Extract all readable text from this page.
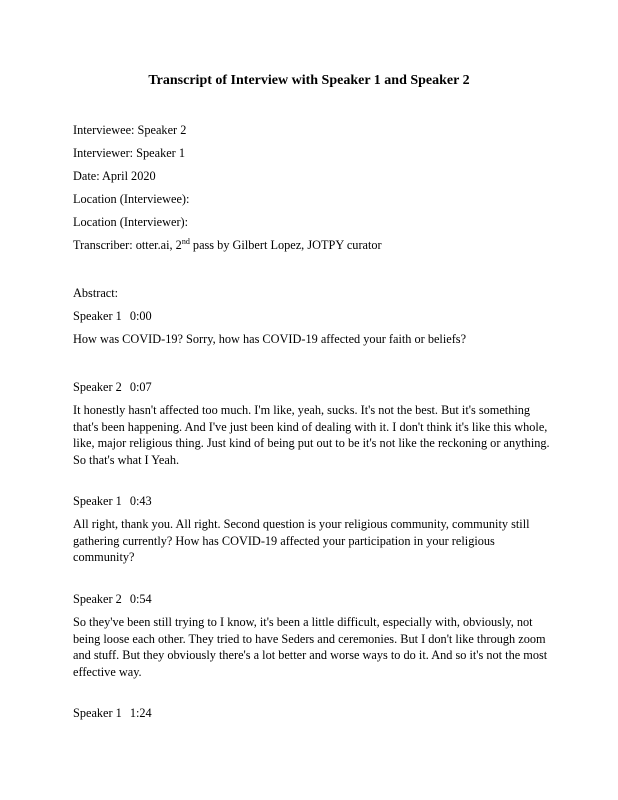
Transcript of Interview with Speaker 1 and Speaker 2

Interviewee: Speaker 2

Interviewer: Speaker 1

Date: April 2020

Location (Interviewee):

Location (Interviewer):

Transcriber: otter.ai, 2nd pass by Gilbert Lopez, JOTPY curator

Abstract:

Speaker 1 0:00

How was COVID-19? Sorry, how has COVID-19 affected your faith or beliefs?

Speaker 2 0:07

It honestly hasn't affected too much. I'm like, yeah, sucks. It's not the best. But it's something
that's been happening. And I've just been kind of dealing with it. I don't think it's like this whole,
like, major religious thing. Just kind of being put out to be it's not like the reckoning or anything.
So that's what I Yeah.

Speaker 1 0:43

All right, thank you. All right. Second question is your religious community, community still
gathering currently? How has COVID-19 affected your participation in your religious
community?

Speaker 2 0:54

So they've been still trying to I know, it's been a little difficult, especially with, obviously, not
being loose each other. They tried to have Seders and ceremonies. But I don't like through zoom
and stuff. But they obviously there's a lot better and worse ways to do it. And so it's not the most
effective way.

Speaker 1 1:24
